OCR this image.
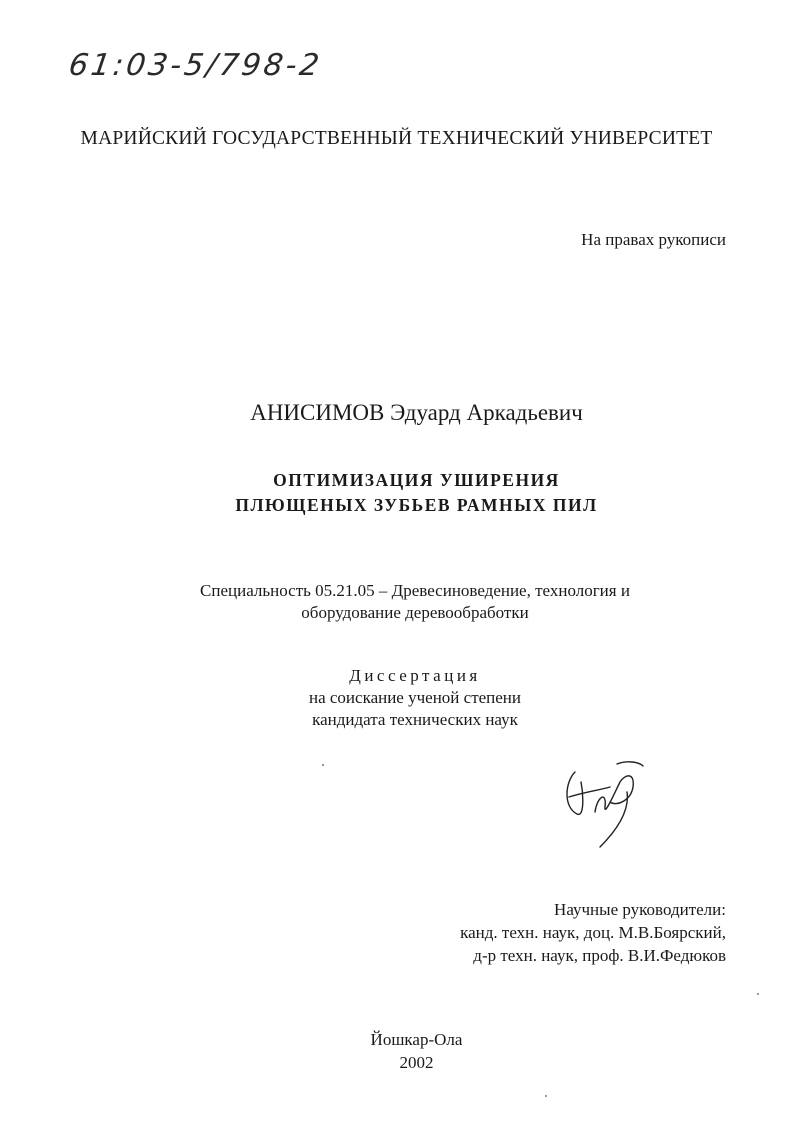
61:03-5/798-2
МАРИЙСКИЙ ГОСУДАРСТВЕННЫЙ ТЕХНИЧЕСКИЙ УНИВЕРСИТЕТ
На правах рукописи
АНИСИМОВ Эдуард Аркадьевич
ОПТИМИЗАЦИЯ УШИРЕНИЯ
ПЛЮЩЕНЫХ ЗУБЬЕВ РАМНЫХ ПИЛ
Специальность 05.21.05 – Древесиноведение, технология и
оборудование деревообработки
Диссертация
на соискание ученой степени
кандидата технических наук
Научные руководители:
канд. техн. наук, доц. М.В.Боярский,
д-р техн. наук, проф. В.И.Федюков
Йошкар-Ола
2002
